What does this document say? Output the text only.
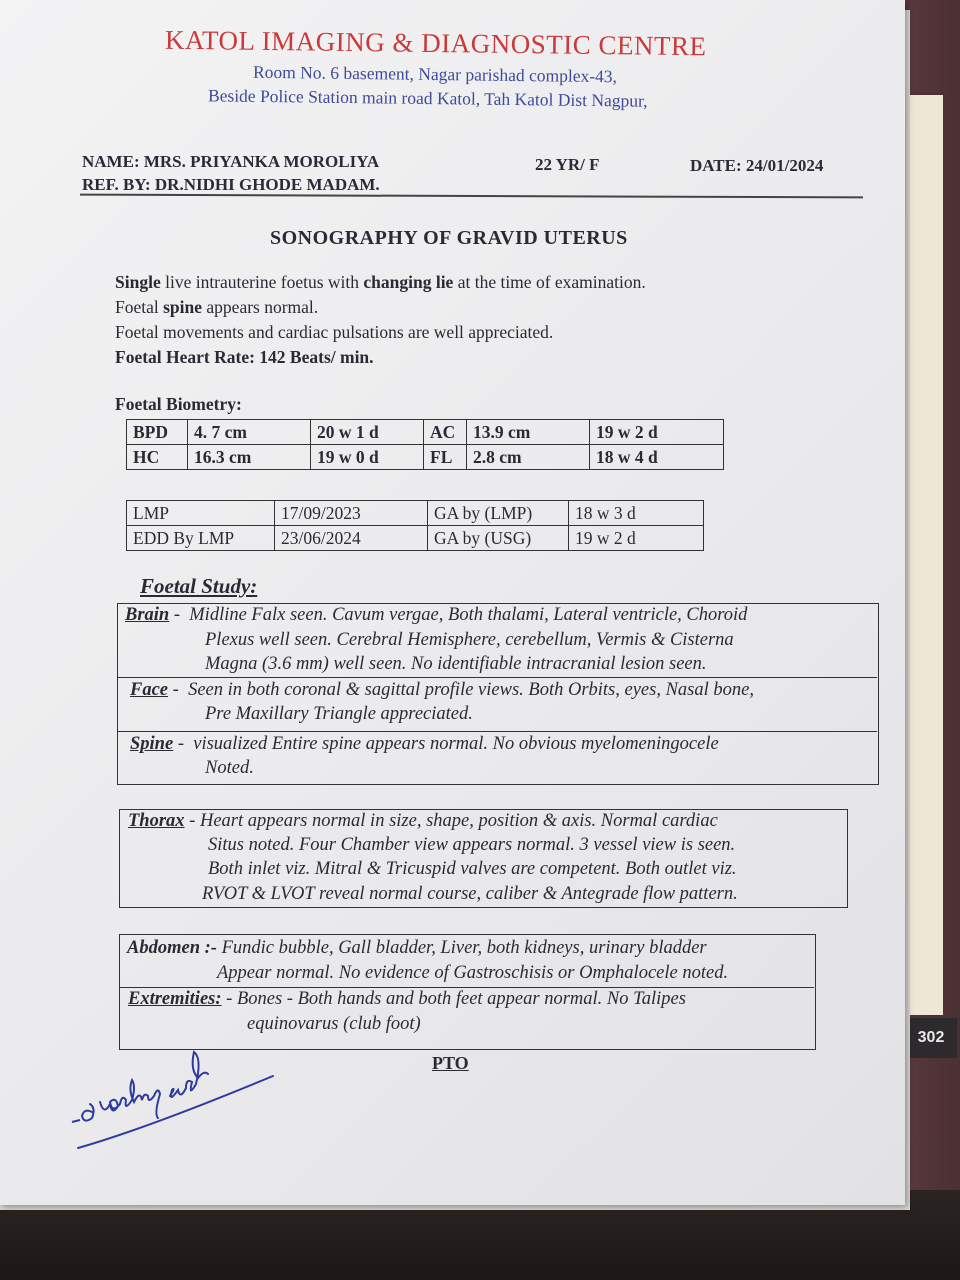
302
KATOL IMAGING & DIAGNOSTIC CENTRE
Room No. 6 basement, Nagar parishad complex-43,
Beside Police Station main road Katol, Tah Katol Dist Nagpur,
NAME: MRS. PRIYANKA MOROLIYA	22 YR/ F	DATE: 24/01/2024
REF. BY: DR.NIDHI GHODE MADAM.
SONOGRAPHY OF GRAVID UTERUS
Single live intrauterine foetus with changing lie at the time of examination.
Foetal spine appears normal.
Foetal movements and cardiac pulsations are well appreciated.
Foetal Heart Rate: 142 Beats/ min.
Foetal Biometry:
BPD	4. 7 cm	20 w 1 d	AC	13.9 cm	19 w 2 d
HC	16.3 cm	19 w 0 d	FL	2.8 cm	18 w 4 d
LMP	17/09/2023	GA by (LMP)	18 w 3 d
EDD By LMP	23/06/2024	GA by (USG)	19 w 2 d
Foetal Study:
Brain -  Midline Falx seen. Cavum vergae, Both thalami, Lateral ventricle, Choroid
Plexus well seen. Cerebral Hemisphere, cerebellum, Vermis & Cisterna
Magna (3.6 mm) well seen. No identifiable intracranial lesion seen.
Face -  Seen in both coronal & sagittal profile views. Both Orbits, eyes, Nasal bone,
Pre Maxillary Triangle appreciated.
Spine -  visualized Entire spine appears normal. No obvious myelomeningocele
Noted.
Thorax - Heart appears normal in size, shape, position & axis. Normal cardiac
Situs noted. Four Chamber view appears normal. 3 vessel view is seen.
Both inlet viz. Mitral & Tricuspid valves are competent. Both outlet viz.
RVOT & LVOT reveal normal course, caliber & Antegrade flow pattern.
Abdomen :- Fundic bubble, Gall bladder, Liver, both kidneys, urinary bladder
Appear normal. No evidence of Gastroschisis or Omphalocele noted.
Extremities: - Bones - Both hands and both feet appear normal. No Talipes
equinovarus (club foot)
PTO
